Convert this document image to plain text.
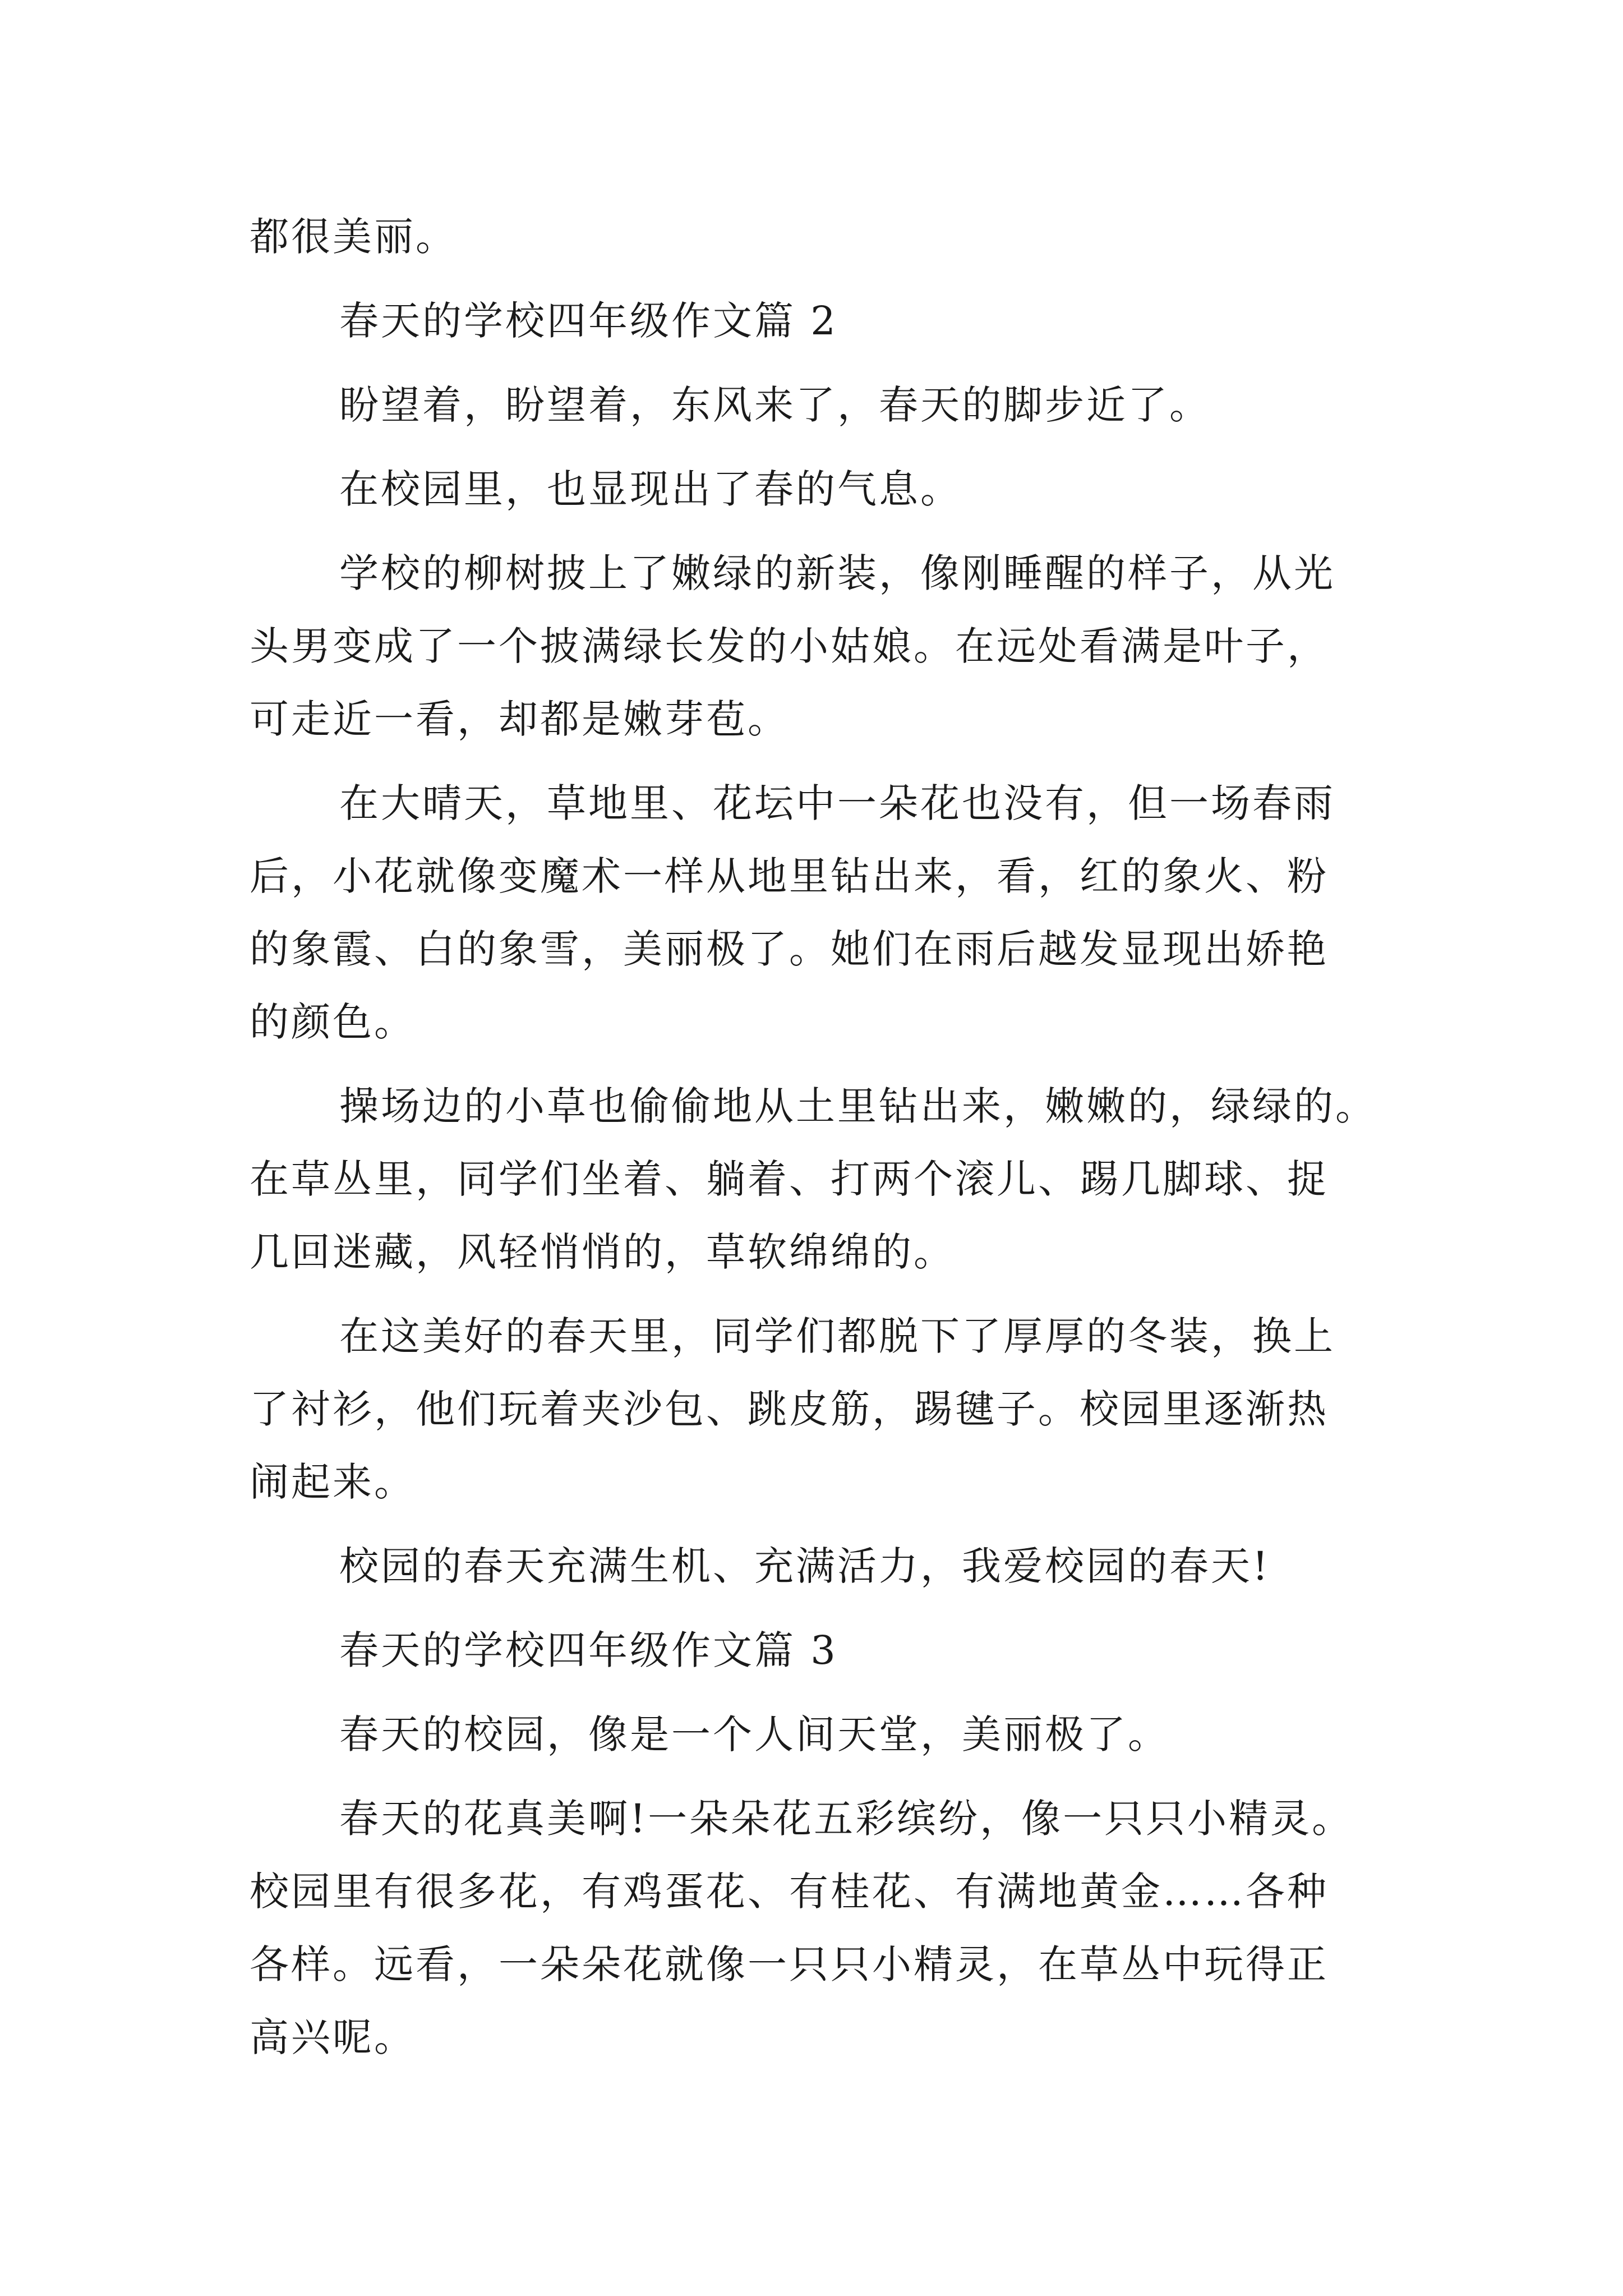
都很美丽。
春天的学校四年级作文篇 2
盼望着，盼望着，东风来了，春天的脚步近了。
在校园里，也显现出了春的气息。
学校的柳树披上了嫩绿的新装，像刚睡醒的样子，从光
头男变成了一个披满绿长发的小姑娘。在远处看满是叶子，
可走近一看，却都是嫩芽苞。
在大晴天，草地里、花坛中一朵花也没有，但一场春雨
后，小花就像变魔术一样从地里钻出来，看，红的象火、粉
的象霞、白的象雪，美丽极了。她们在雨后越发显现出娇艳
的颜色。
操场边的小草也偷偷地从土里钻出来，嫩嫩的，绿绿的。
在草丛里，同学们坐着、躺着、打两个滚儿、踢几脚球、捉
几回迷藏，风轻悄悄的，草软绵绵的。
在这美好的春天里，同学们都脱下了厚厚的冬装，换上
了衬衫，他们玩着夹沙包、跳皮筋，踢毽子。校园里逐渐热
闹起来。
校园的春天充满生机、充满活力，我爱校园的春天!
春天的学校四年级作文篇 3
春天的校园，像是一个人间天堂，美丽极了。
春天的花真美啊!一朵朵花五彩缤纷，像一只只小精灵。
校园里有很多花，有鸡蛋花、有桂花、有满地黄金……各种
各样。远看，一朵朵花就像一只只小精灵，在草丛中玩得正
高兴呢。
